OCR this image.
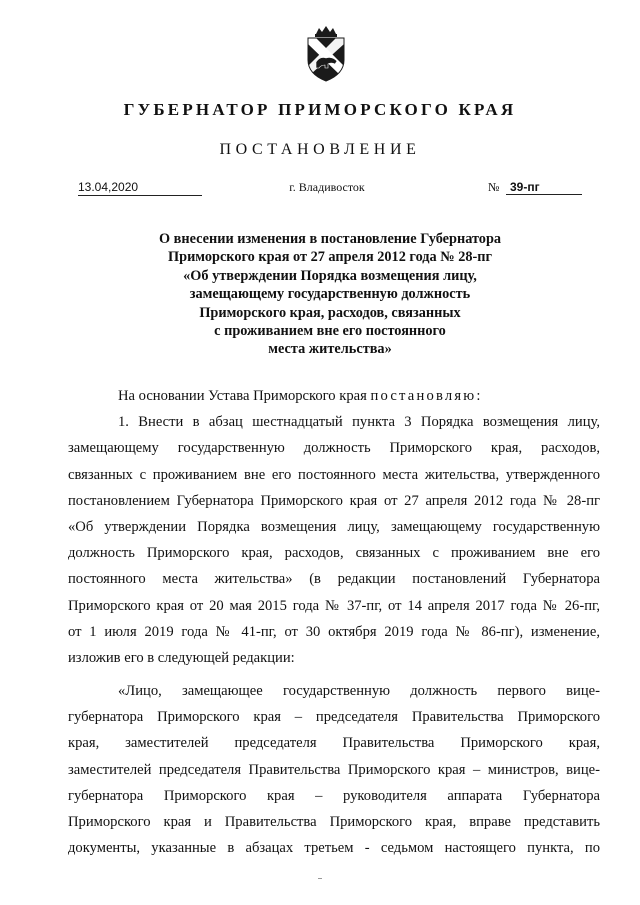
ГУБЕРНАТОР ПРИМОРСКОГО КРАЯ
ПОСТАНОВЛЕНИЕ
13.04,2020	г. Владивосток	№ 39-пг
О внесении изменения в постановление Губернатора
Приморского края от 27 апреля 2012 года № 28-пг
«Об утверждении Порядка возмещения лицу,
замещающему государственную должность
Приморского края, расходов, связанных
с проживанием вне его постоянного
места жительства»
На основании Устава Приморского края постановляю:
1. Внести в абзац шестнадцатый пункта 3 Порядка возмещения лицу,
замещающему государственную должность Приморского края, расходов,
связанных с проживанием вне его постоянного места жительства, утвержденного
постановлением Губернатора Приморского края от 27 апреля 2012 года № 28-пг
«Об утверждении Порядка возмещения лицу, замещающему государственную
должность Приморского края, расходов, связанных с проживанием вне его
постоянного места жительства» (в редакции постановлений Губернатора
Приморского края от 20 мая 2015 года № 37-пг, от 14 апреля 2017 года № 26-пг,
от 1 июля 2019 года № 41-пг, от 30 октября 2019 года № 86-пг), изменение,
изложив его в следующей редакции:
«Лицо, замещающее государственную должность первого вице-
губернатора Приморского края – председателя Правительства Приморского
края, заместителей председателя Правительства Приморского края,
заместителей председателя Правительства Приморского края – министров, вице-
губернатора Приморского края – руководителя аппарата Губернатора
Приморского края и Правительства Приморского края, вправе представить
документы, указанные в абзацах третьем - седьмом настоящего пункта, по
